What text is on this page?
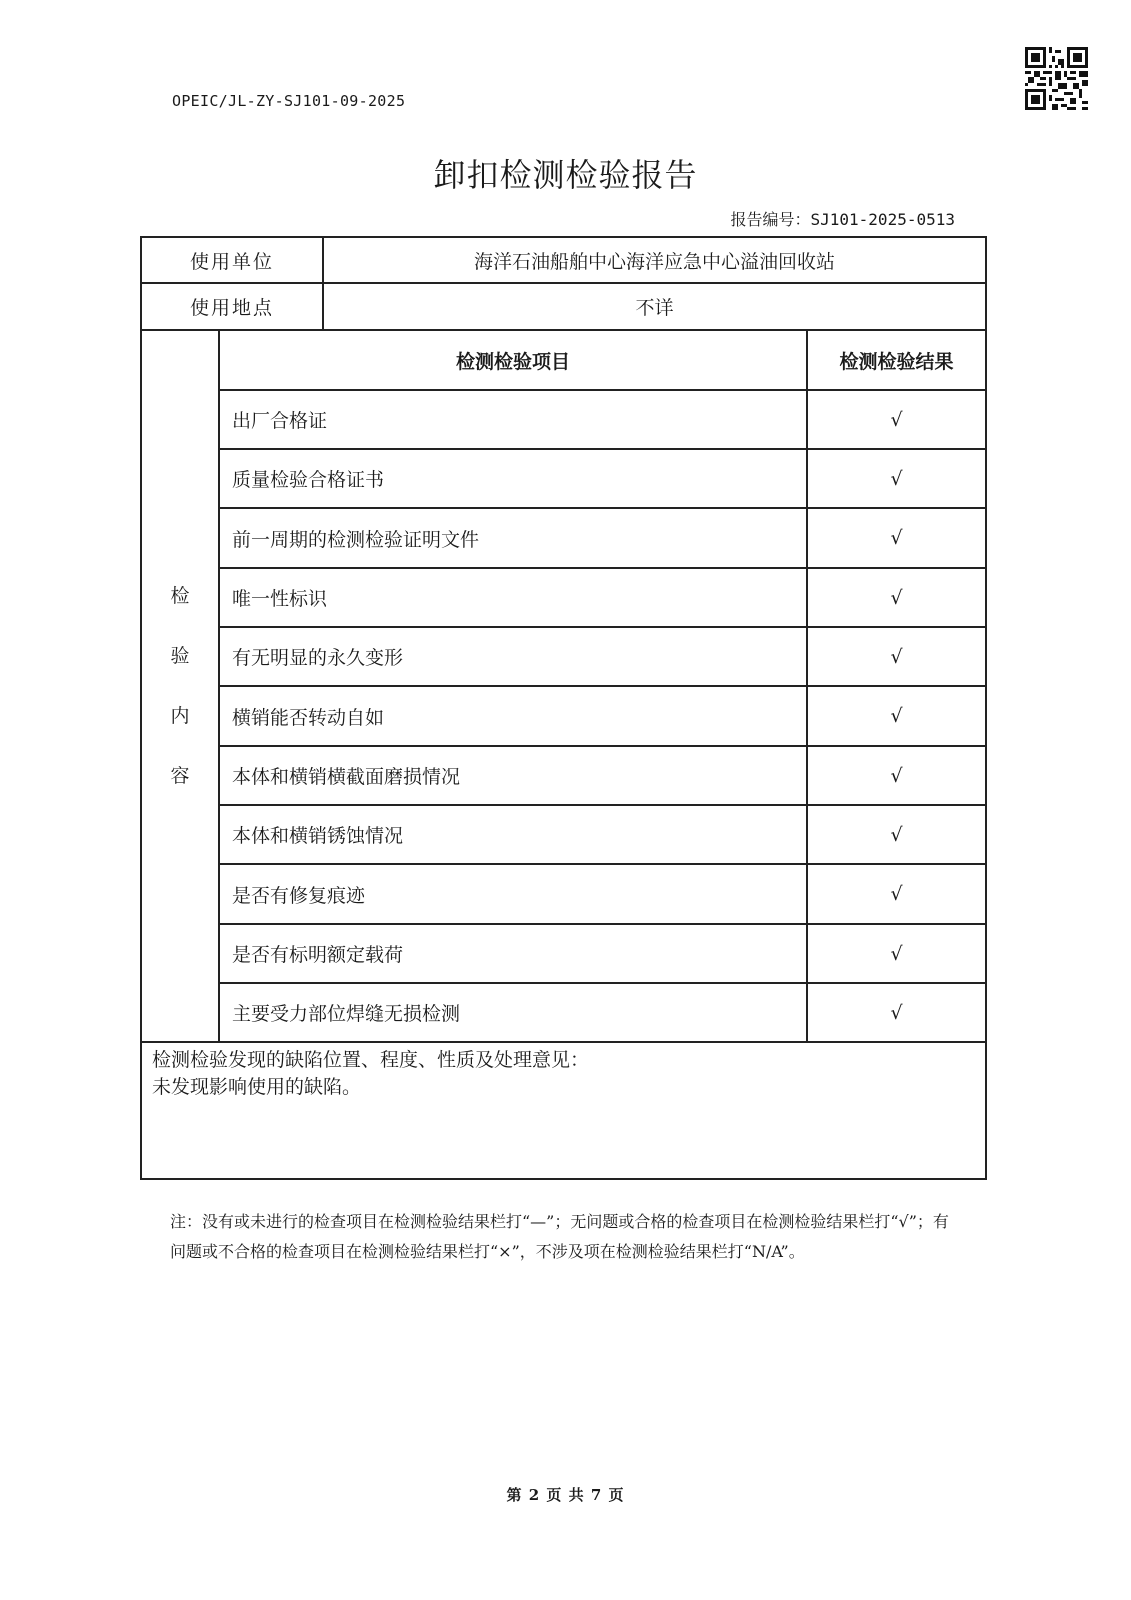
OPEIC/JL-ZY-SJ101-09-2025
卸扣检测检验报告
报告编号：SJ101-2025-0513
使用单位		海洋石油船舶中心海洋应急中心溢油回收站	
使用地点		不详	

检
验
内
容	检测检验项目		检测检验结果
	出厂合格证		√
	质量检验合格证书		√
	前一周期的检测检验证明文件		√
	唯一性标识		√
	有无明显的永久变形		√
	横销能否转动自如		√
	本体和横销横截面磨损情况		√
	本体和横销锈蚀情况		√
	是否有修复痕迹		√
	是否有标明额定载荷		√
	主要受力部位焊缝无损检测		√

检测检验发现的缺陷位置、程度、性质及处理意见：
未发现影响使用的缺陷。			
注：没有或未进行的检查项目在检测检验结果栏打“—”；无问题或合格的检查项目在检测检验结果栏打“√”；有问题或不合格的检查项目在检测检验结果栏打“×”，不涉及项在检测检验结果栏打“N/A”。
第 2 页 共 7 页
